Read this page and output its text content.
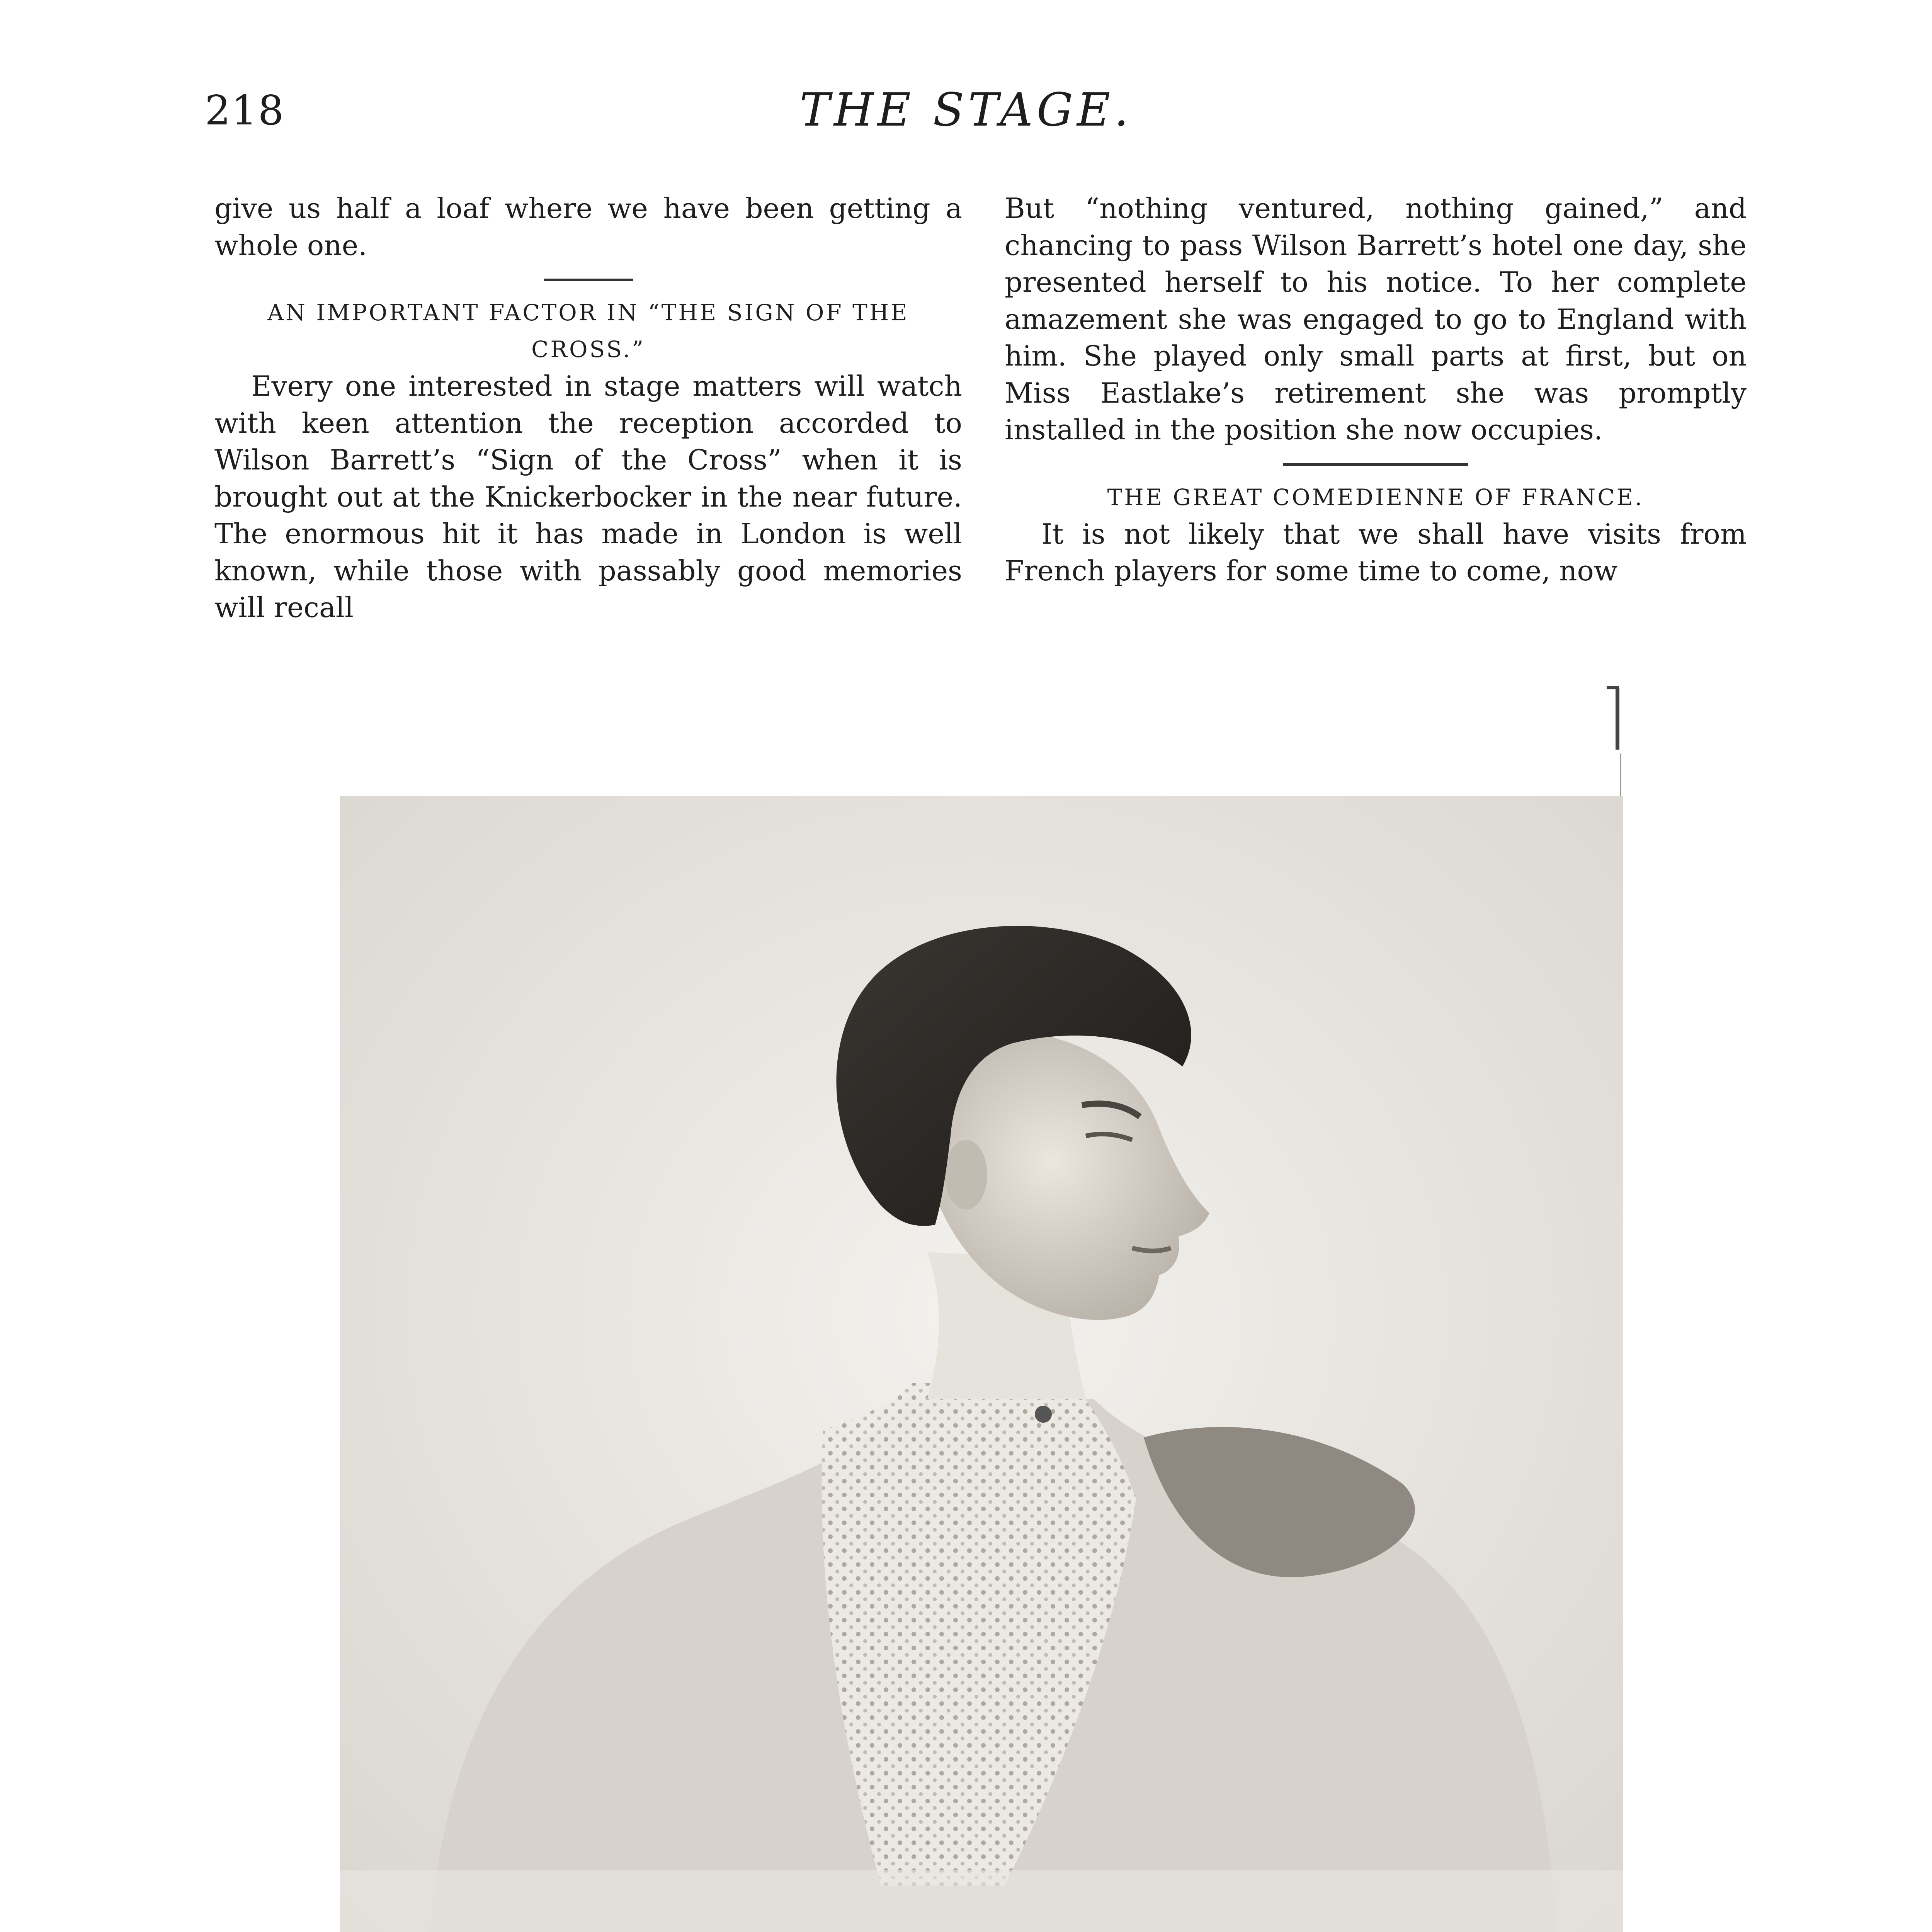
218	THE STAGE.

give us half a loaf where we have been getting a whole one.

AN IMPORTANT FACTOR IN “THE SIGN OF THE CROSS.”

Every one interested in stage matters will watch with keen attention the reception accorded to Wilson Barrett’s “Sign of the Cross” when it is brought out at the Knickerbocker in the near future. The enormous hit it has made in London is well known, while those with passably good memories will recall

But “nothing ventured, nothing gained,” and chancing to pass Wilson Barrett’s hotel one day, she presented herself to his notice. To her complete amazement she was engaged to go to England with him. She played only small parts at first, but on Miss Eastlake’s retirement she was promptly installed in the position she now occupies.

THE GREAT COMEDIENNE OF FRANCE.

It is not likely that we shall have visits from French players for some time to come, now
